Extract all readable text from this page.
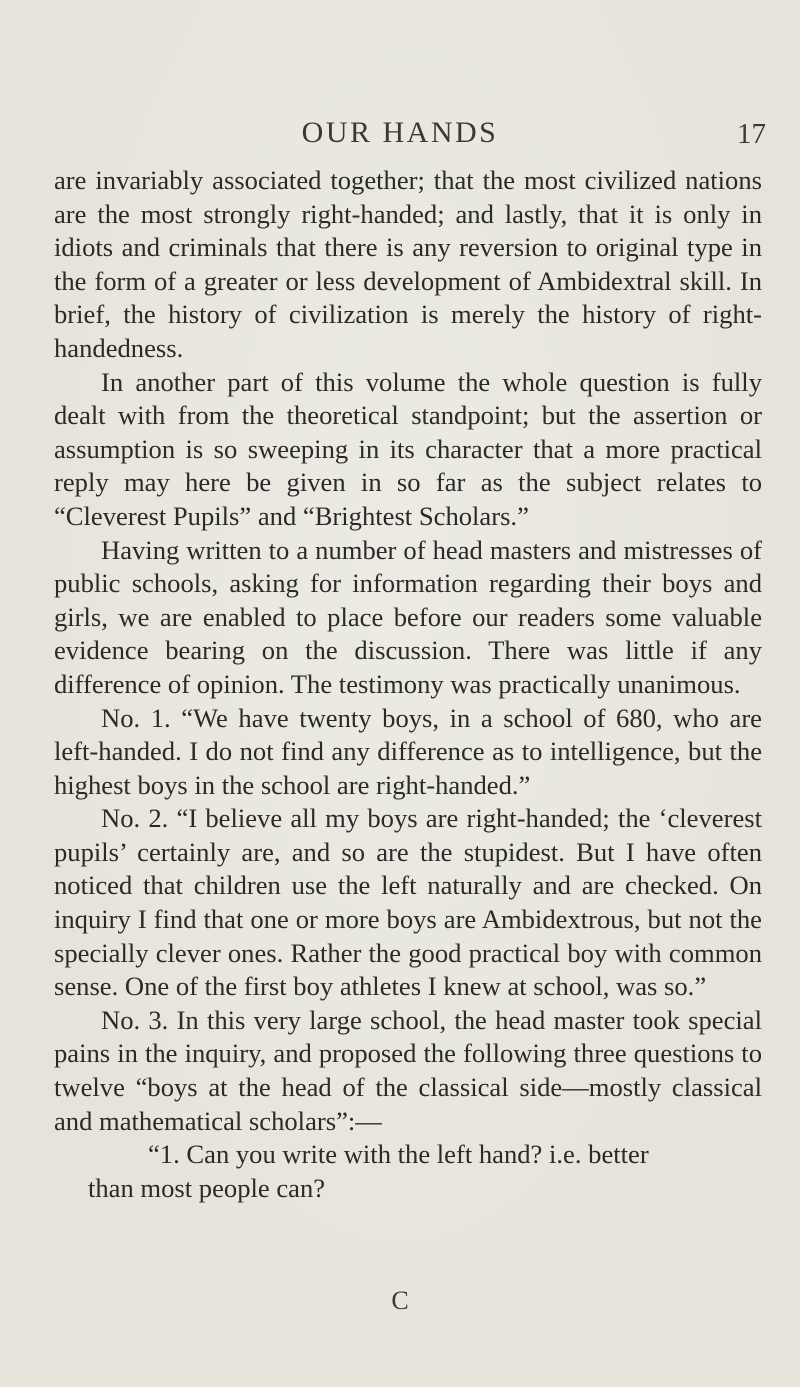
OUR HANDS	17

are invariably associated together; that the most civilized nations are the most strongly right-handed; and lastly, that it is only in idiots and criminals that there is any reversion to original type in the form of a greater or less development of Ambidextral skill. In brief, the history of civilization is merely the history of right-handedness.

In another part of this volume the whole question is fully dealt with from the theoretical standpoint; but the assertion or assumption is so sweeping in its character that a more practical reply may here be given in so far as the subject relates to “Cleverest Pupils” and “Brightest Scholars.”

Having written to a number of head masters and mistresses of public schools, asking for information regarding their boys and girls, we are enabled to place before our readers some valuable evidence bearing on the discussion. There was little if any difference of opinion. The testimony was practically unanimous.

No. 1. “We have twenty boys, in a school of 680, who are left-handed. I do not find any difference as to intelligence, but the highest boys in the school are right-handed.”

No. 2. “I believe all my boys are right-handed; the ‘cleverest pupils’ certainly are, and so are the stupidest. But I have often noticed that children use the left naturally and are checked. On inquiry I find that one or more boys are Ambidextrous, but not the specially clever ones. Rather the good practical boy with common sense. One of the first boy athletes I knew at school, was so.”

No. 3. In this very large school, the head master took special pains in the inquiry, and proposed the following three questions to twelve “boys at the head of the classical side—mostly classical and mathematical scholars”:—

“1. Can you write with the left hand? i.e. better

than most people can?

C
